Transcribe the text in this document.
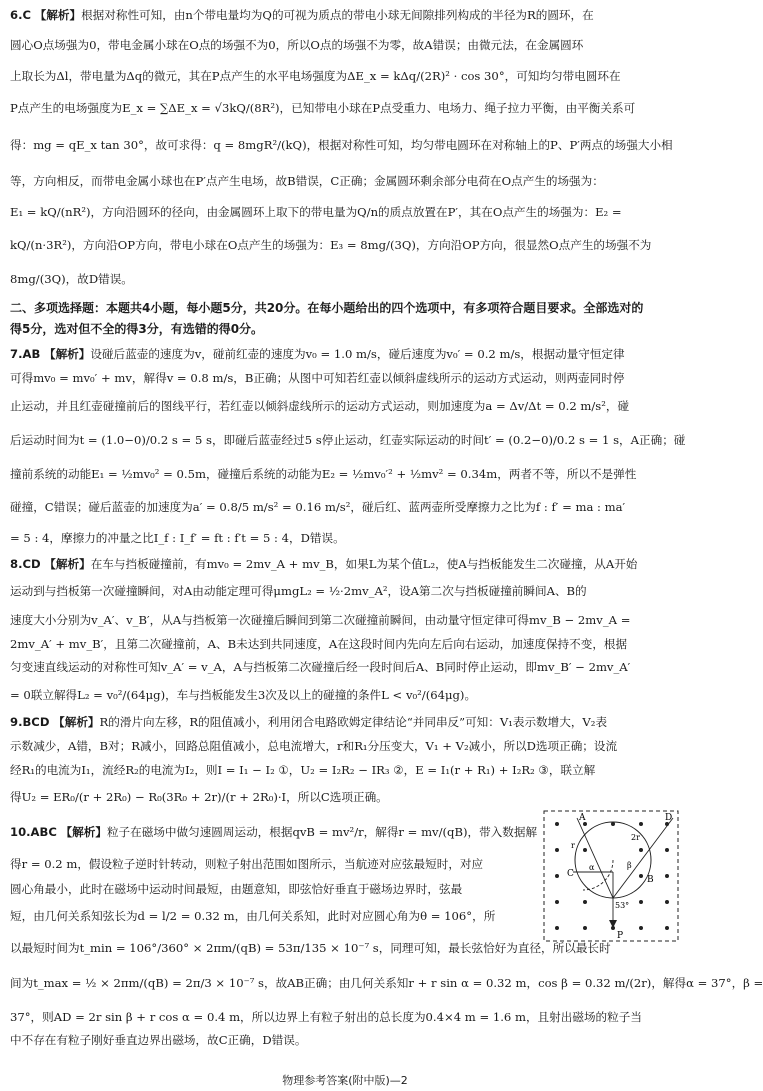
6.C 【解析】根据对称性可知，由n个带电量均为Q的可视为质点的带电小球无间隙排列构成的半径为R的圆环，在
圆心O点场强为0，带电金属小球在O点的场强不为0，所以O点的场强不为零，故A错误；由微元法，在金属圆环
上取长为Δl，带电量为Δq的微元，其在P点产生的水平电场强度为ΔE_x = kΔq/(2R)² · cos 30°，可知均匀带电圆环在
P点产生的电场强度为E_x = ∑ΔE_x = √3kQ/(8R²)，已知带电小球在P点受重力、电场力、绳子拉力平衡，由平衡关系可
得：mg = qE_x tan 30°，故可求得：q = 8mgR²/(kQ)，根据对称性可知，均匀带电圆环在对称轴上的P、P′两点的场强大小相
等，方向相反，而带电金属小球也在P′点产生电场，故B错误，C正确；金属圆环剩余部分电荷在O点产生的场强为：
E₁ = kQ/(nR²)，方向沿圆环的径向，由金属圆环上取下的带电量为Q/n的质点放置在P′，其在O点产生的场强为：E₂ =
kQ/(n·3R²)，方向沿OP方向，带电小球在O点产生的场强为：E₃ = 8mg/(3Q)，方向沿OP方向，很显然O点产生的场强不为
8mg/(3Q)，故D错误。
二、多项选择题：本题共4小题，每小题5分，共20分。在每小题给出的四个选项中，有多项符合题目要求。全部选对的
得5分，选对但不全的得3分，有选错的得0分。
7.AB 【解析】设碰后蓝壶的速度为v，碰前红壶的速度为v₀ = 1.0 m/s，碰后速度为v₀′ = 0.2 m/s，根据动量守恒定律
可得mv₀ = mv₀′ + mv，解得v = 0.8 m/s，B正确；从图中可知若红壶以倾斜虚线所示的运动方式运动，则两壶同时停
止运动，并且红壶碰撞前后的图线平行，若红壶以倾斜虚线所示的运动方式运动，则加速度为a = Δv/Δt = 0.2 m/s²，碰
后运动时间为t = (1.0−0)/0.2 s = 5 s，即碰后蓝壶经过5 s停止运动，红壶实际运动的时间t′ = (0.2−0)/0.2 s = 1 s，A正确；碰
撞前系统的动能E₁ = ½mv₀² = 0.5m，碰撞后系统的动能为E₂ = ½mv₀′² + ½mv² = 0.34m，两者不等，所以不是弹性
碰撞，C错误；碰后蓝壶的加速度为a′ = 0.8/5 m/s² = 0.16 m/s²，碰后红、蓝两壶所受摩擦力之比为f : f′ = ma : ma′
= 5 : 4，摩擦力的冲量之比I_f : I_f′ = ft : f′t = 5 : 4，D错误。
8.CD 【解析】在车与挡板碰撞前，有mv₀ = 2mv_A + mv_B，如果L为某个值L₂，使A与挡板能发生二次碰撞，从A开始
运动到与挡板第一次碰撞瞬间，对A由动能定理可得μmgL₂ = ½·2mv_A²，设A第二次与挡板碰撞前瞬间A、B的
速度大小分别为v_A′、v_B′，从A与挡板第一次碰撞后瞬间到第二次碰撞前瞬间，由动量守恒定律可得mv_B − 2mv_A =
2mv_A′ + mv_B′，且第二次碰撞前，A、B未达到共同速度，A在这段时间内先向左后向右运动，加速度保持不变，根据
匀变速直线运动的对称性可知v_A′ = v_A，A与挡板第二次碰撞后经一段时间后A、B同时停止运动，即mv_B′ − 2mv_A′
= 0联立解得L₂ = v₀²/(64μg)，车与挡板能发生3次及以上的碰撞的条件L < v₀²/(64μg)。
9.BCD 【解析】R的滑片向左移，R的阻值减小，利用闭合电路欧姆定律结论“并同串反”可知：V₁表示数增大，V₂表
示数减少，A错，B对；R减小，回路总阻值减小，总电流增大，r和R₁分压变大，V₁ + V₂减小，所以D选项正确；设流
经R₁的电流为I₁，流经R₂的电流为I₂，则I = I₁ − I₂ ①，U₂ = I₂R₂ − IR₃ ②，E = I₁(r + R₁) + I₂R₂ ③，联立解
得U₂ = ER₀/(r + 2R₀) − R₀(3R₀ + 2r)/(r + 2R₀)·I，所以C选项正确。
10.ABC 【解析】粒子在磁场中做匀速圆周运动，根据qvB = mv²/r，解得r = mv/(qB)，带入数据解
得r = 0.2 m，假设粒子逆时针转动，则粒子射出范围如图所示，当航迹对应弦最短时，对应
圆心角最小，此时在磁场中运动时间最短，由题意知，即弦恰好垂直于磁场边界时，弦最
短，由几何关系知弦长为d = l/2 = 0.32 m，由几何关系知，此时对应圆心角为θ = 106°，所
以最短时间为t_min = 106°/360° × 2πm/(qB) = 53π/135 × 10⁻⁷ s，同理可知，最长弦恰好为直径，所以最长时
间为t_max = ½ × 2πm/(qB) = 2π/3 × 10⁻⁷ s，故AB正确；由几何关系知r + r sin α = 0.32 m，cos β = 0.32 m/(2r)，解得α = 37°，β =
37°，则AD = 2r sin β + r cos α = 0.4 m，所以边界上有粒子射出的总长度为0.4×4 m = 1.6 m，且射出磁场的粒子当
中不存在有粒子刚好垂直边界出磁场，故C正确，D错误。
A	D
C
P
B
r
2r
α	β
53°
物理参考答案(附中版)—2
